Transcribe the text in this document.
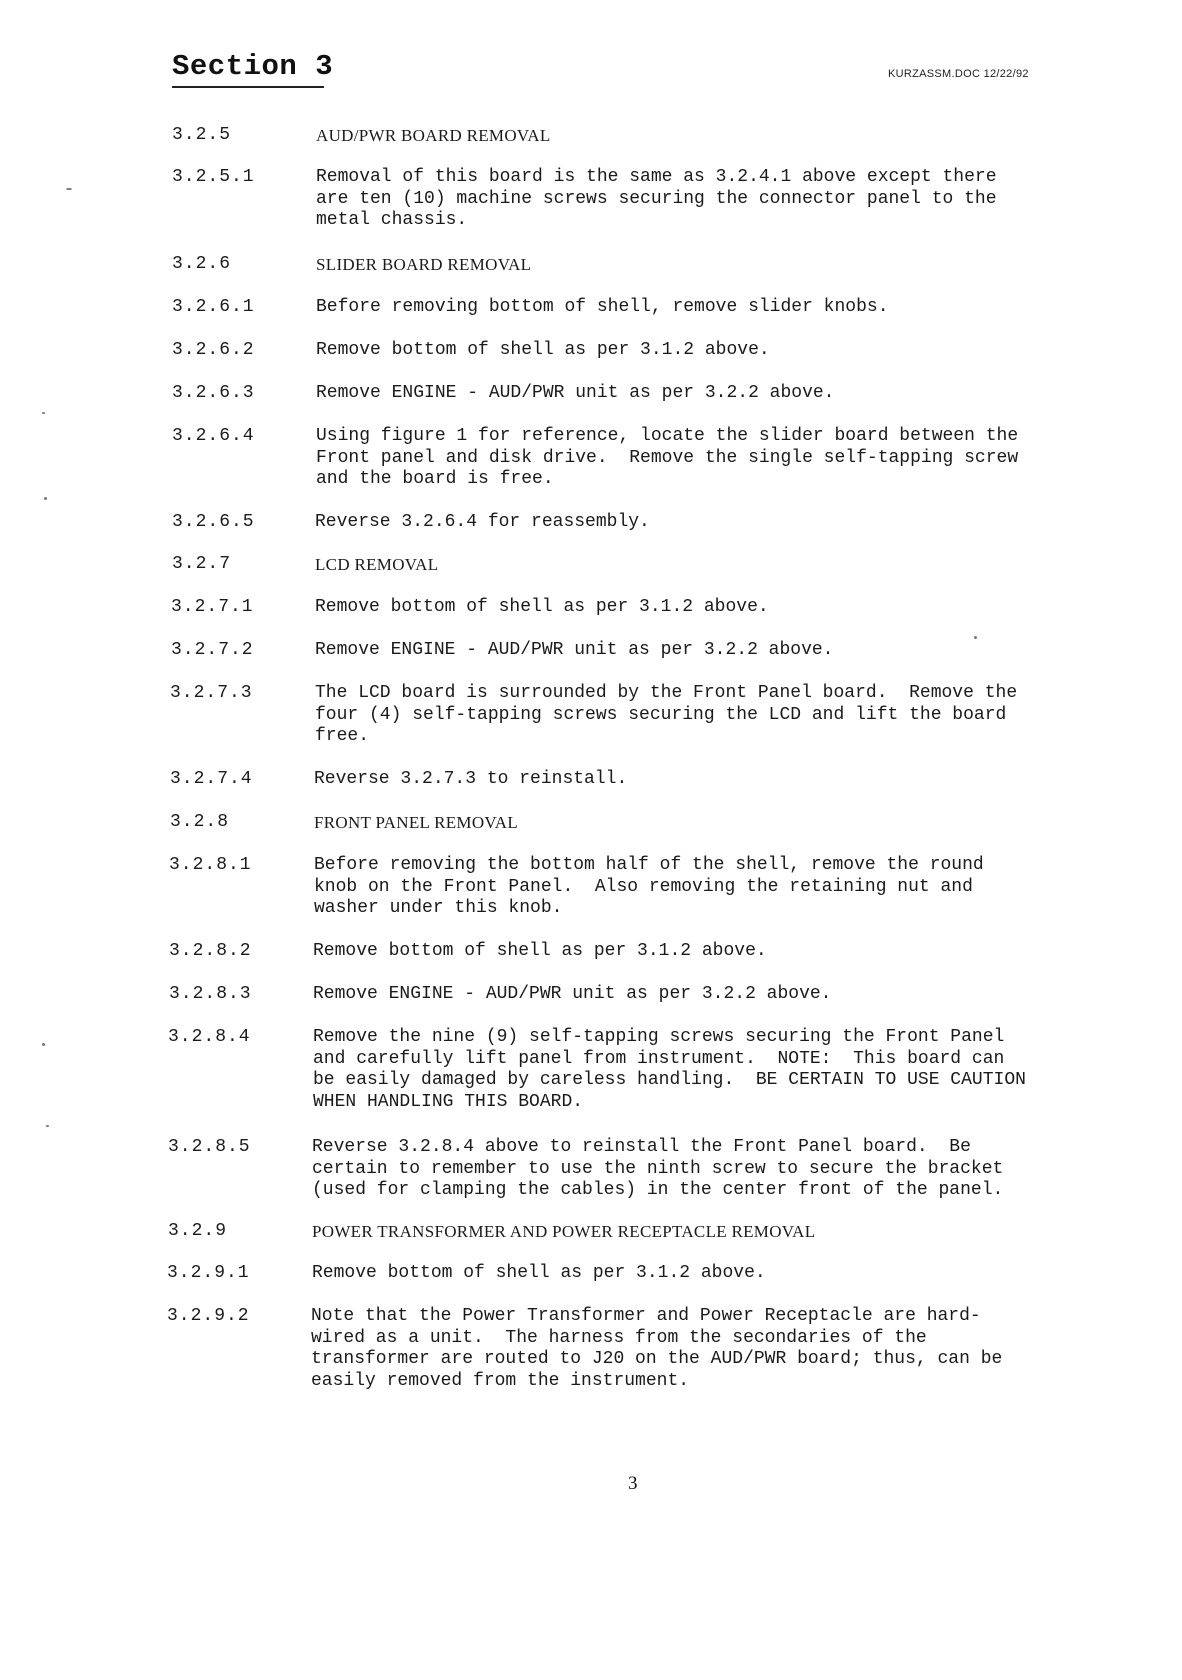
Section 3	KURZASSM.DOC 12/22/92
3.2.5	AUD/PWR BOARD REMOVAL
3.2.5.1	Removal of this board is the same as 3.2.4.1 above except there
are ten (10) machine screws securing the connector panel to the
metal chassis.
3.2.6	SLIDER BOARD REMOVAL
3.2.6.1	Before removing bottom of shell, remove slider knobs.
3.2.6.2	Remove bottom of shell as per 3.1.2 above.
3.2.6.3	Remove ENGINE - AUD/PWR unit as per 3.2.2 above.
3.2.6.4	Using figure 1 for reference, locate the slider board between the
Front panel and disk drive.  Remove the single self-tapping screw
and the board is free.
3.2.6.5	Reverse 3.2.6.4 for reassembly.
3.2.7	LCD REMOVAL
3.2.7.1	Remove bottom of shell as per 3.1.2 above.
3.2.7.2	Remove ENGINE - AUD/PWR unit as per 3.2.2 above.
3.2.7.3	The LCD board is surrounded by the Front Panel board.  Remove the
four (4) self-tapping screws securing the LCD and lift the board
free.
3.2.7.4	Reverse 3.2.7.3 to reinstall.
3.2.8	FRONT PANEL REMOVAL
3.2.8.1	Before removing the bottom half of the shell, remove the round
knob on the Front Panel.  Also removing the retaining nut and
washer under this knob.
3.2.8.2	Remove bottom of shell as per 3.1.2 above.
3.2.8.3	Remove ENGINE - AUD/PWR unit as per 3.2.2 above.
3.2.8.4	Remove the nine (9) self-tapping screws securing the Front Panel
and carefully lift panel from instrument.  NOTE:  This board can
be easily damaged by careless handling.  BE CERTAIN TO USE CAUTION
WHEN HANDLING THIS BOARD.
3.2.8.5	Reverse 3.2.8.4 above to reinstall the Front Panel board.  Be
certain to remember to use the ninth screw to secure the bracket
(used for clamping the cables) in the center front of the panel.
3.2.9	POWER TRANSFORMER AND POWER RECEPTACLE REMOVAL
3.2.9.1	Remove bottom of shell as per 3.1.2 above.
3.2.9.2	Note that the Power Transformer and Power Receptacle are hard-
wired as a unit.  The harness from the secondaries of the
transformer are routed to J20 on the AUD/PWR board; thus, can be
easily removed from the instrument.
3
